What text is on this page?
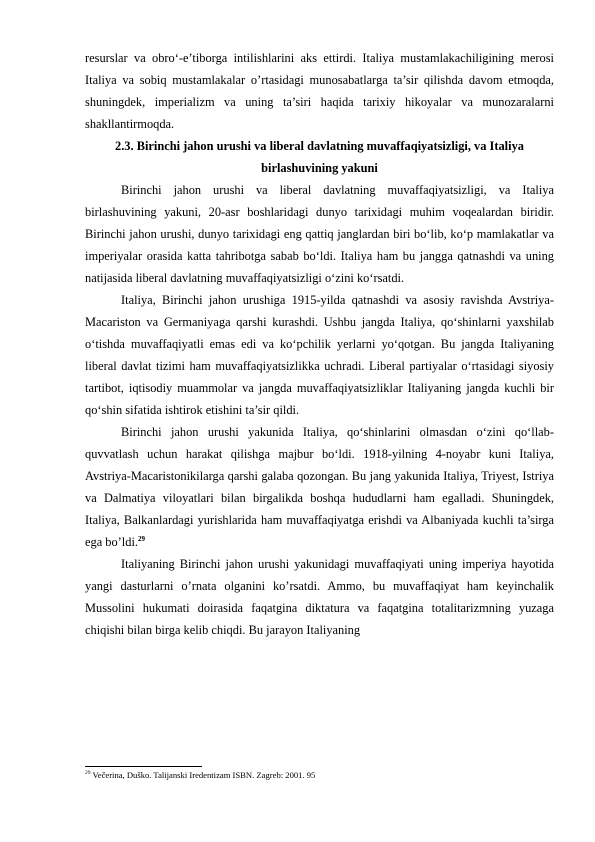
resurslar va obro‘-e’tiborga intilishlarini aks ettirdi. Italiya mustamlakachiligining merosi Italiya va sobiq mustamlakalar o’rtasidagi munosabatlarga ta’sir qilishda davom etmoqda, shuningdek, imperializm va uning ta’siri haqida tarixiy hikoyalar va munozaralarni shakllantirmoqda.

2.3. Birinchi jahon urushi va liberal davlatning muvaffaqiyatsizligi, va Italiya birlashuvining yakuni

Birinchi jahon urushi va liberal davlatning muvaffaqiyatsizligi, va Italiya birlashuvining yakuni, 20-asr boshlaridagi dunyo tarixidagi muhim voqealardan biridir. Birinchi jahon urushi, dunyo tarixidagi eng qattiq janglardan biri bo‘lib, ko‘p mamlakatlar va imperiyalar orasida katta tahribotga sabab bo‘ldi. Italiya ham bu jangga qatnashdi va uning natijasida liberal davlatning muvaffaqiyatsizligi o‘zini ko‘rsatdi.

Italiya, Birinchi jahon urushiga 1915-yilda qatnashdi va asosiy ravishda Avstriya-Macariston va Germaniyaga qarshi kurashdi. Ushbu jangda Italiya, qo‘shinlarni yaxshilab o‘tishda muvaffaqiyatli emas edi va ko‘pchilik yerlarni yo‘qotgan. Bu jangda Italiyaning liberal davlat tizimi ham muvaffaqiyatsizlikka uchradi. Liberal partiyalar o‘rtasidagi siyosiy tartibot, iqtisodiy muammolar va jangda muvaffaqiyatsizliklar Italiyaning jangda kuchli bir qo‘shin sifatida ishtirok etishini ta’sir qildi.

Birinchi jahon urushi yakunida Italiya, qo‘shinlarini olmasdan o‘zini qo‘llab-quvvatlash uchun harakat qilishga majbur bo‘ldi. 1918-yilning 4-noyabr kuni Italiya, Avstriya-Macaristonikilarga qarshi galaba qozongan. Bu jang yakunida Italiya, Triyest, Istriya va Dalmatiya viloyatlari bilan birgalikda boshqa hududlarni ham egalladi. Shuningdek, Italiya, Balkanlardagi yurishlarida ham muvaffaqiyatga erishdi va Albaniyada kuchli ta’sirga ega bo’ldi.$^{29}$

Italiyaning Birinchi jahon urushi yakunidagi muvaffaqiyati uning imperiya hayotida yangi dasturlarni o’rnata olganini ko’rsatdi. Ammo, bu muvaffaqiyat ham keyinchalik Mussolini hukumati doirasida faqatgina diktatura va faqatgina totalitarizmning yuzaga chiqishi bilan birga kelib chiqdi. Bu jarayon Italiyaning

$^{29}$ Večerina, Duško. Talijanski Iredentizam ISBN. Zagreb: 2001. 95
